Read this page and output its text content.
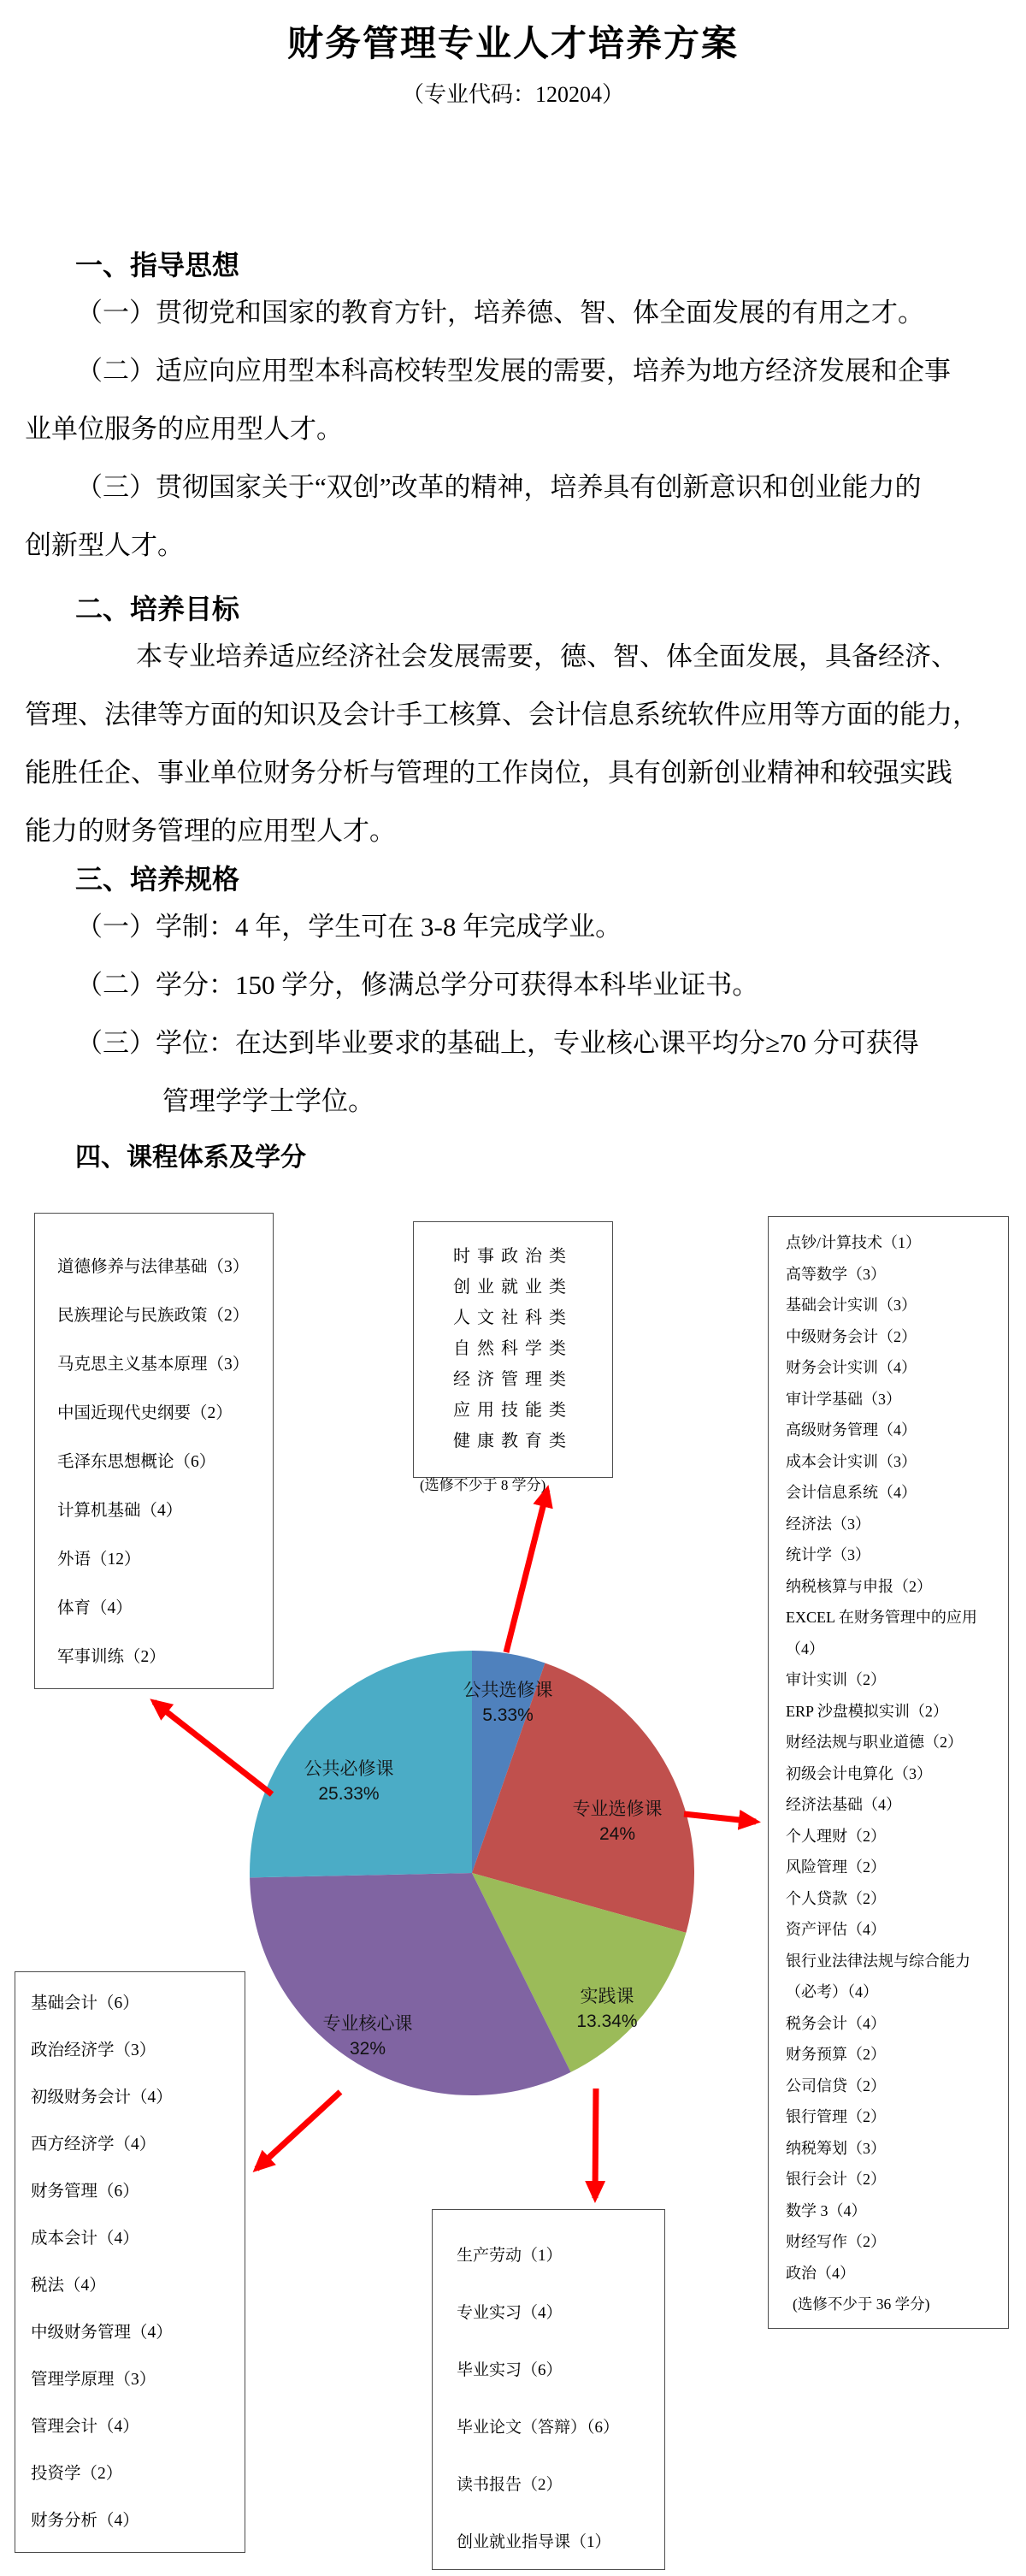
财务管理专业人才培养方案
（专业代码：120204）
一、指导思想
（一）贯彻党和国家的教育方针，培养德、智、体全面发展的有用之才。
（二）适应向应用型本科高校转型发展的需要，培养为地方经济发展和企事
业单位服务的应用型人才。
（三）贯彻国家关于“双创”改革的精神，培养具有创新意识和创业能力的
创新型人才。
二、培养目标
本专业培养适应经济社会发展需要，德、智、体全面发展，具备经济、
管理、法律等方面的知识及会计手工核算、会计信息系统软件应用等方面的能力，
能胜任企、事业单位财务分析与管理的工作岗位，具有创新创业精神和较强实践
能力的财务管理的应用型人才。
三、培养规格
（一）学制：4 年，学生可在 3-8 年完成学业。
（二）学分：150 学分，修满总学分可获得本科毕业证书。
（三）学位：在达到毕业要求的基础上，专业核心课平均分≥70 分可获得
管理学学士学位。
四、课程体系及学分
公共选修课
5.33%
专业选修课
24%
实践课
13.34%
专业核心课
32%
公共必修课
25.33%
道德修养与法律基础（3）
民族理论与民族政策（2）
马克思主义基本原理（3）
中国近现代史纲要（2）
毛泽东思想概论（6）
计算机基础（4）
外语（12）
体育（4）
军事训练（2）
时事政治类
创业就业类
人文社科类
自然科学类
经济管理类
应用技能类
健康教育类
(选修不少于 8 学分)
点钞/计算技术（1）
高等数学（3）
基础会计实训（3）
中级财务会计（2）
财务会计实训（4）
审计学基础（3）
高级财务管理（4）
成本会计实训（3）
会计信息系统（4）
经济法（3）
统计学（3）
纳税核算与申报（2）
EXCEL 在财务管理中的应用（4）
审计实训（2）
ERP 沙盘模拟实训（2）
财经法规与职业道德（2）
初级会计电算化（3）
经济法基础（4）
个人理财（2）
风险管理（2）
个人贷款（2）
资产评估（4）
银行业法律法规与综合能力（必考）（4）
税务会计（4）
财务预算（2）
公司信贷（2）
银行管理（2）
纳税筹划（3）
银行会计（2）
数学 3（4）
财经写作（2）
政治（4）
(选修不少于 36 学分)
基础会计（6）
政治经济学（3）
初级财务会计（4）
西方经济学（4）
财务管理（6）
成本会计（4）
税法（4）
中级财务管理（4）
管理学原理（3）
管理会计（4）
投资学（2）
财务分析（4）
生产劳动（1）
专业实习（4）
毕业实习（6）
毕业论文（答辩）（6）
读书报告（2）
创业就业指导课（1）
